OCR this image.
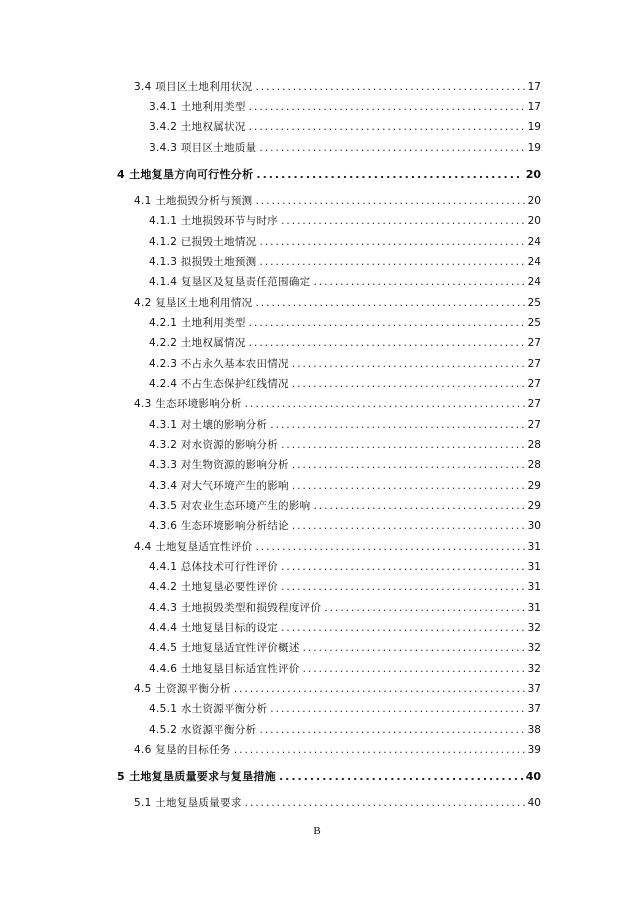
3.4 项目区土地利用状况 .....	17
3.4.1 土地利用类型 .....	17
3.4.2 土地权属状况 .....	19
3.4.3 项目区土地质量 .....	19
4 土地复垦方向可行性分析 .....	20
4.1 土地损毁分析与预测 .....	20
4.1.1 土地损毁环节与时序 .....	20
4.1.2 已损毁土地情况 .....	24
4.1.3 拟损毁土地预测 .....	24
4.1.4 复垦区及复垦责任范围确定 .....	24
4.2 复垦区土地利用情况 .....	25
4.2.1 土地利用类型 .....	25
4.2.2 土地权属情况 .....	27
4.2.3 不占永久基本农田情况 .....	27
4.2.4 不占生态保护红线情况 .....	27
4.3 生态环境影响分析 .....	27
4.3.1 对土壤的影响分析 .....	27
4.3.2 对水资源的影响分析 .....	28
4.3.3 对生物资源的影响分析 .....	28
4.3.4 对大气环境产生的影响 .....	29
4.3.5 对农业生态环境产生的影响 .....	29
4.3.6 生态环境影响分析结论 .....	30
4.4 土地复垦适宜性评价 .....	31
4.4.1 总体技术可行性评价 .....	31
4.4.2 土地复垦必要性评价 .....	31
4.4.3 土地损毁类型和损毁程度评价 .....	31
4.4.4 土地复垦目标的设定 .....	32
4.4.5 土地复垦适宜性评价概述 .....	32
4.4.6 土地复垦目标适宜性评价 .....	32
4.5 土资源平衡分析 .....	37
4.5.1 水土资源平衡分析 .....	37
4.5.2 水资源平衡分析 .....	38
4.6 复垦的目标任务 .....	39
5 土地复垦质量要求与复垦措施 .....	40
5.1 土地复垦质量要求 .....	40
B
